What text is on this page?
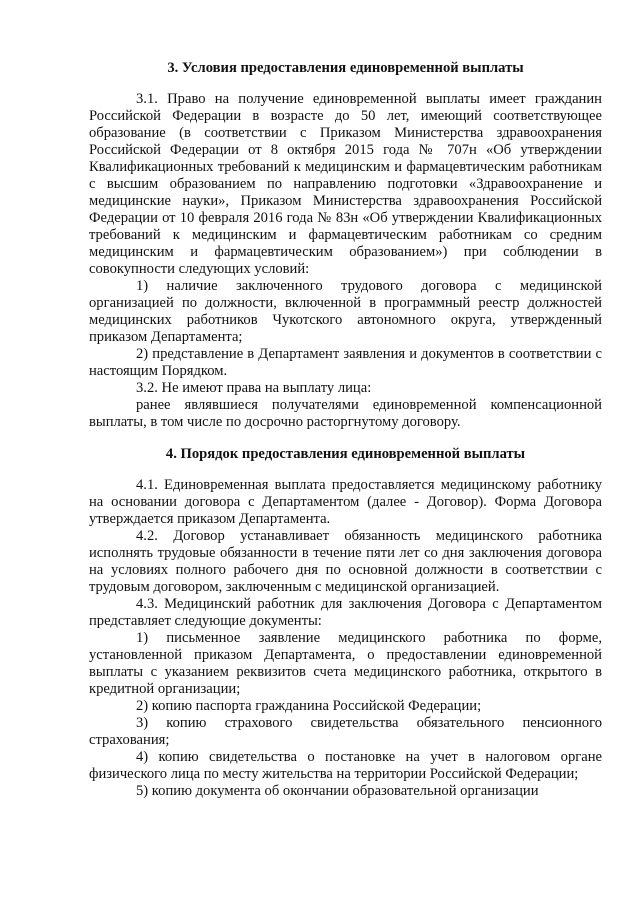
3. Условия предоставления единовременной выплаты

3.1. Право на получение единовременной выплаты имеет гражданин Российской Федерации в возрасте до 50 лет, имеющий соответствующее образование (в соответствии с Приказом Министерства здравоохранения Российской Федерации от 8 октября 2015 года № 707н «Об утверждении Квалификационных требований к медицинским и фармацевтическим работникам с высшим образованием по направлению подготовки «Здравоохранение и медицинские науки», Приказом Министерства здравоохранения Российской Федерации от 10 февраля 2016 года № 83н «Об утверждении Квалификационных требований к медицинским и фармацевтическим работникам со средним медицинским и фармацевтическим образованием») при соблюдении в совокупности следующих условий:

1) наличие заключенного трудового договора с медицинской организацией по должности, включенной в программный реестр должностей медицинских работников Чукотского автономного округа, утвержденный приказом Департамента;

2) представление в Департамент заявления и документов в соответствии с настоящим Порядком.

3.2. Не имеют права на выплату лица:

ранее являвшиеся получателями единовременной компенсационной выплаты, в том числе по досрочно расторгнутому договору.

4. Порядок предоставления единовременной выплаты

4.1. Единовременная выплата предоставляется медицинскому работнику на основании договора с Департаментом (далее - Договор). Форма Договора утверждается приказом Департамента.

4.2. Договор устанавливает обязанность медицинского работника исполнять трудовые обязанности в течение пяти лет со дня заключения договора на условиях полного рабочего дня по основной должности в соответствии с трудовым договором, заключенным с медицинской организацией.

4.3. Медицинский работник для заключения Договора с Департаментом представляет следующие документы:

1) письменное заявление медицинского работника по форме, установленной приказом Департамента, о предоставлении единовременной выплаты с указанием реквизитов счета медицинского работника, открытого в кредитной организации;

2) копию паспорта гражданина Российской Федерации;

3) копию страхового свидетельства обязательного пенсионного страхования;

4) копию свидетельства о постановке на учет в налоговом органе физического лица по месту жительства на территории Российской Федерации;

5) копию документа об окончании образовательной организации
